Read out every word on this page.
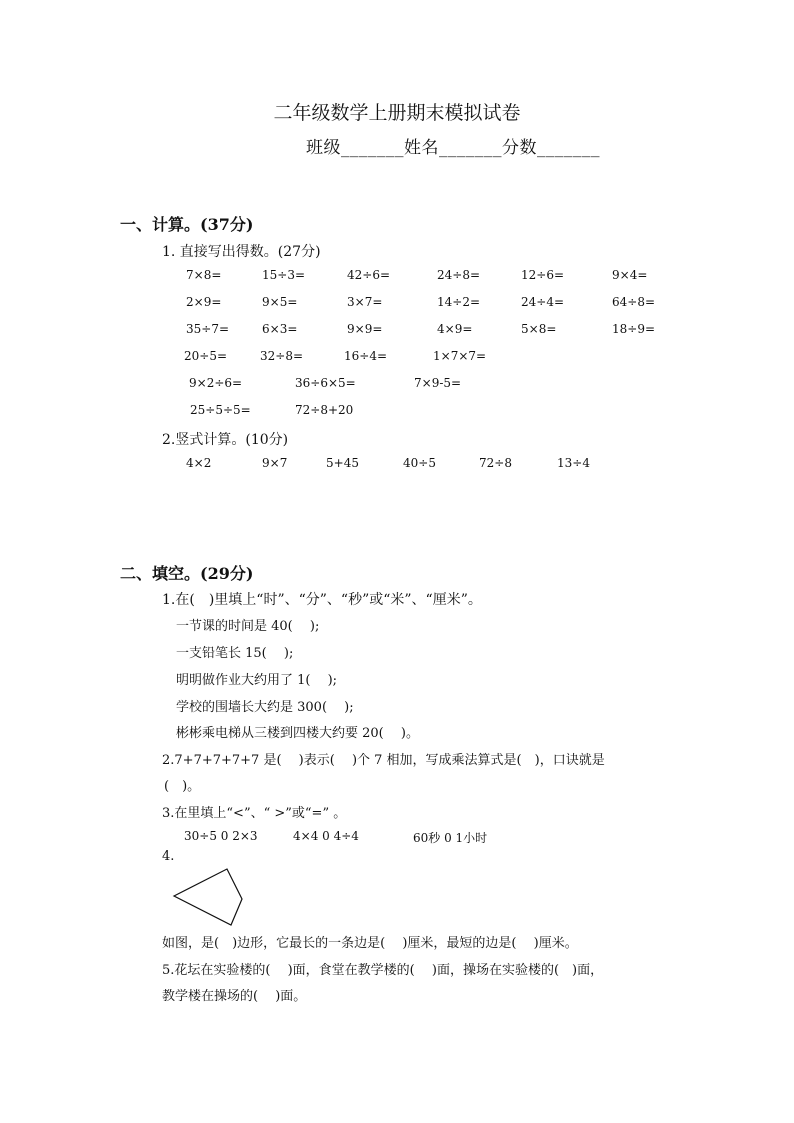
二年级数学上册期末模拟试卷
班级_______姓名_______分数_______
一、计算。(37分)
1. 直接写出得数。(27分)
7×8=	15÷3=	42÷6=	24÷8=	12÷6=	9×4=
2×9=	9×5=	3×7=	14÷2=	24÷4=	64÷8=
35÷7=	6×3=	9×9=	4×9=	5×8=	18÷9=
20÷5=	32÷8=	16÷4=	1×7×7=
9×2÷6=	36÷6×5=	7×9-5=
25÷5÷5=	72÷8+20
2.竖式计算。(10分)
4×2	9×7	5+45	40÷5	72÷8	13÷4
二、填空。(29分)
1.在(　)里填上“时”、“分”、“秒”或“米”、“厘米”。
一节课的时间是 40(　 );
一支铅笔长 15(　 );
明明做作业大约用了 1(　 );
学校的围墙长大约是 300(　 );
彬彬乘电梯从三楼到四楼大约要 20(　 )。
2.7+7+7+7+7 是(　 )表示(　 )个 7 相加，写成乘法算式是(　)，口诀就是
(　)。
3.在里填上“<”、“ >”或“=” 。
30÷5 0 2×3	4×4 0 4÷4	60秒 0 1小时
4.
如图，是(　)边形，它最长的一条边是(　 )厘米，最短的边是(　 )厘米。
5.花坛在实验楼的(　 )面，食堂在教学楼的(　 )面，操场在实验楼的(　)面，
教学楼在操场的(　 )面。
